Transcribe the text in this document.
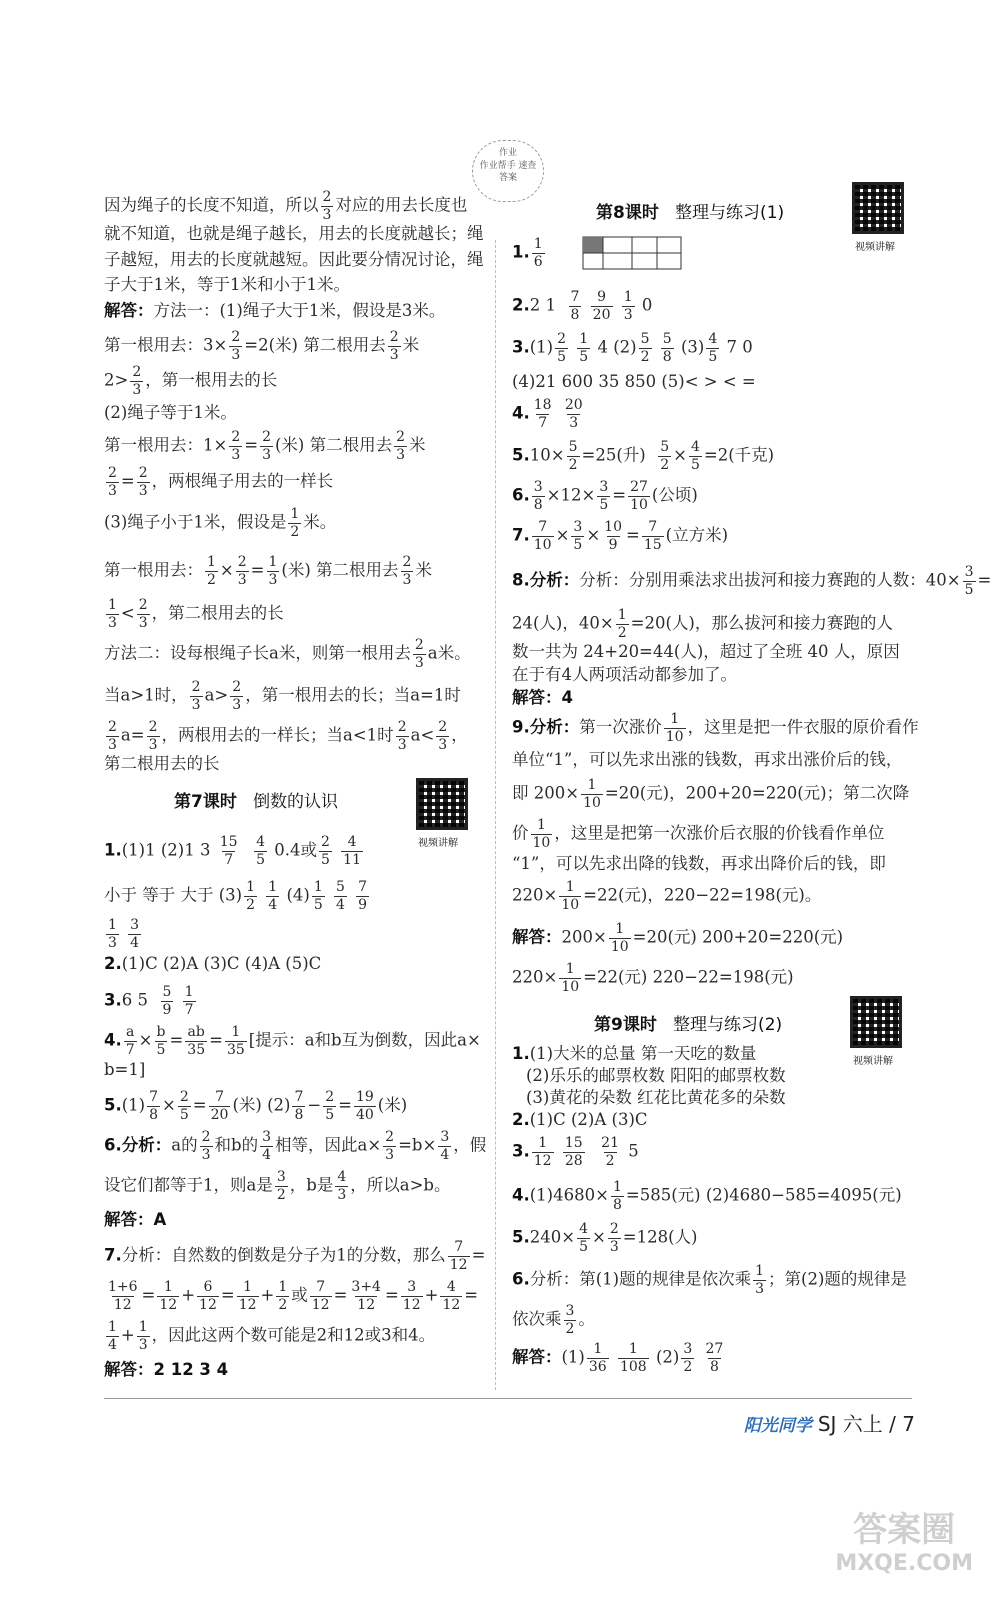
作业
作业帮手 速查
答案
因为绳子的长度不知道，所以 $\frac{2}{3}$ 对应的用去长度也
就不知道，也就是绳子越长，用去的长度就越长；绳
子越短，用去的长度就越短。因此要分情况讨论，绳
子大于1米，等于1米和小于1米。
解答：方法一：(1)绳子大于1米，假设是3米。
第一根用去：$3\times \frac{2}{3} =2$(米) 第二根用去 $\frac{2}{3}$ 米
$2> \frac{2}{3}$ ，第一根用去的长
(2)绳子等于1米。
第一根用去：$1\times \frac{2}{3} = \frac{2}{3}$ (米) 第二根用去 $\frac{2}{3}$ 米
$\frac{2}{3} = \frac{2}{3}$ ，两根绳子用去的一样长
(3)绳子小于1米，假设是 $\frac{1}{2}$ 米。
第一根用去： $\frac{1}{2} \times \frac{2}{3} = \frac{1}{3}$ (米) 第二根用去 $\frac{2}{3}$ 米
$\frac{1}{3} < \frac{2}{3}$ ，第二根用去的长
方法二：设每根绳子长a米，则第一根用去 $\frac{2}{3}$ a米。
当a>1时， $\frac{2}{3} a> \frac{2}{3}$ ，第一根用去的长；当a=1时
$\frac{2}{3} a= \frac{2}{3}$ ，两根用去的一样长；当a<1时 $\frac{2}{3} a< \frac{2}{3}$ ，
第二根用去的长
第7课时 倒数的认识
1.(1)1 (2)1 $3 \frac{15}{7}$
$\frac{4}{5} 0.4$或 $\frac{2}{5}$
$\frac{4}{11}$
小于 等于 大于 $(3) \frac{1}{2}$
$\frac{1}{4} (4) \frac{1}{5}$
$\frac{5}{4}$
$\frac{7}{9}$
$\frac{1}{3}$
$\frac{3}{4}$
2.(1)C (2)A (3)C (4)A (5)C
3.6 $5 \frac{5}{9}$
$\frac{1}{7}$
4. $\frac{a}{7} \times \frac{b}{5} = \frac{ab}{35} = \frac{1}{35}$ [提示：a和b互为倒数，因此a×
b=1]
$5.(1) \frac{7}{8} \times \frac{2}{5} = \frac{7}{20}$ (米) $(2) \frac{7}{8} - \frac{2}{5} = \frac{19}{40}$ (米)
6.分析：a的 $\frac{2}{3}$ 和b的 $\frac{3}{4}$ 相等，因此$a\times \frac{2}{3} =b\times \frac{3}{4}$ ，假
设它们都等于1，则a是 $\frac{3}{2}$ ，b是 $\frac{4}{3}$ ，所以a>b。
解答：A
7.分析：自然数的倒数是分子为1的分数，那么 $\frac{7}{12}$ =
$\frac{1+6}{12} = \frac{1}{12} + \frac{6}{12} = \frac{1}{12} + \frac{1}{2}$ 或 $\frac{7}{12} = \frac{3+4}{12} = \frac{3}{12} + \frac{4}{12}$ =
$\frac{1}{4} + \frac{1}{3}$ ，因此这两个数可能是2和12或3和4。
解答：2 12 3 4
视频讲解
第8课时 整理与练习(1)
视频讲解
1. $\frac{1}{6}$

2.2 $1 \frac{7}{8}$
$\frac{9}{20}$
$\frac{1}{3} 0$
$3.(1) \frac{2}{5}$
$\frac{1}{5} 4$ $(2) \frac{5}{2}$
$\frac{5}{8} (3) \frac{4}{5} 7$ 0
(4)21 600 35 850 (5)< > < =
4. $\frac{18}{7}$
$\frac{20}{3}$
$5.10\times \frac{5}{2} =25$(升) $\frac{5}{2} \times \frac{4}{5} =2$(千克)
6. $\frac{3}{8} \times 12\times \frac{3}{5} = \frac{27}{10}$ (公顷)
7. $\frac{7}{10} \times \frac{3}{5} \times \frac{10}{9} = \frac{7}{15}$ (立方米)
8.分析：分析：分别用乘法求出拔河和接力赛跑的人数：$40\times \frac{3}{5}$ =
24(人)，$40\times \frac{1}{2} =20$(人)，那么拔河和接力赛跑的人
数一共为 24+20=44(人)，超过了全班 40 人，原因
在于有4人两项活动都参加了。
解答：4
9.分析：第一次涨价 $\frac{1}{10}$ ，这里是把一件衣服的原价看作
单位“1”，可以先求出涨的钱数，再求出涨价后的钱，
即 $200\times \frac{1}{10} =20$(元)，200+20=220(元)；第二次降
价 $\frac{1}{10}$ ，这里是把第一次涨价后衣服的价钱看作单位
“1”，可以先求出降的钱数，再求出降价后的钱，即
$220\times \frac{1}{10} =22$(元)，220−22=198(元)。
解答：$200\times \frac{1}{10} =20$(元) 200+20=220(元)
$220\times \frac{1}{10} =22$(元) 220−22=198(元)
1.(1)大米的总量 第一天吃的数量
(2)乐乐的邮票枚数 阳阳的邮票枚数
(3)黄花的朵数 红花比黄花多的朵数
2.(1)C (2)A (3)C
3. $\frac{1}{12}$
$\frac{15}{28}$
$\frac{21}{2} 5$
$4.(1)4680\times \frac{1}{8} =585$(元) (2)4680−585=4095(元)
$5.240\times \frac{4}{5} \times \frac{2}{3} =128$(人)
6.分析：第(1)题的规律是依次乘 $\frac{1}{3}$ ；第(2)题的规律是
依次乘 $\frac{3}{2}$ 。
解答：$(1) \frac{1}{36}$
$\frac{1}{108} (2) \frac{3}{2}$
$\frac{27}{8}$
第9课时 整理与练习(2)
视频讲解
阳光同学 SJ 六上 / 7
答案圈
MXQE.COM
